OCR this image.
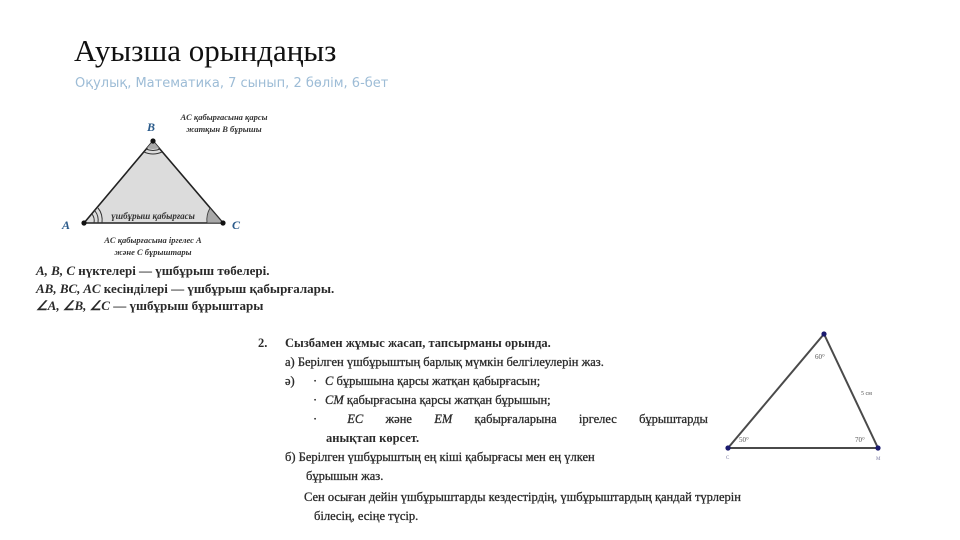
Ауызша орындаңыз
Оқулық, Математика, 7 сынып, 2 бөлім, 6-бет
A
B
C
үшбұрыш қабырғасы
AC қабырғасына қарсы
жатқын B бұрышы
AC қабырғасына іргелес A
және C бұрыштары
A, B, C нүктелері — үшбұрыш төбелері.
AB, BC, AC кесінділері — үшбұрыш қабырғалары.
∠A, ∠B, ∠C — үшбұрыш бұрыштары
2. Сызбамен жұмыс жасап, тапсырманы орында.
а) Берілген үшбұрыштың барлық мүмкін белгілеулерін жаз.
ә) · C бұрышына қарсы жатқан қабырғасын;
· CM қабырғасына қарсы жатқан бұрышын;
·	EC және EM қабырғаларына іргелес бұрыштарды
анықтап көрсет.
б) Берілген үшбұрыштың ең кіші қабырғасы мен ең үлкен
бұрышын жаз.
Сен осыған дейін үшбұрыштарды кездестірдің, үшбұрыштардың қандай түрлерін
білесің, есіңе түсір.
60°
50°	70°
5 см
C	M
